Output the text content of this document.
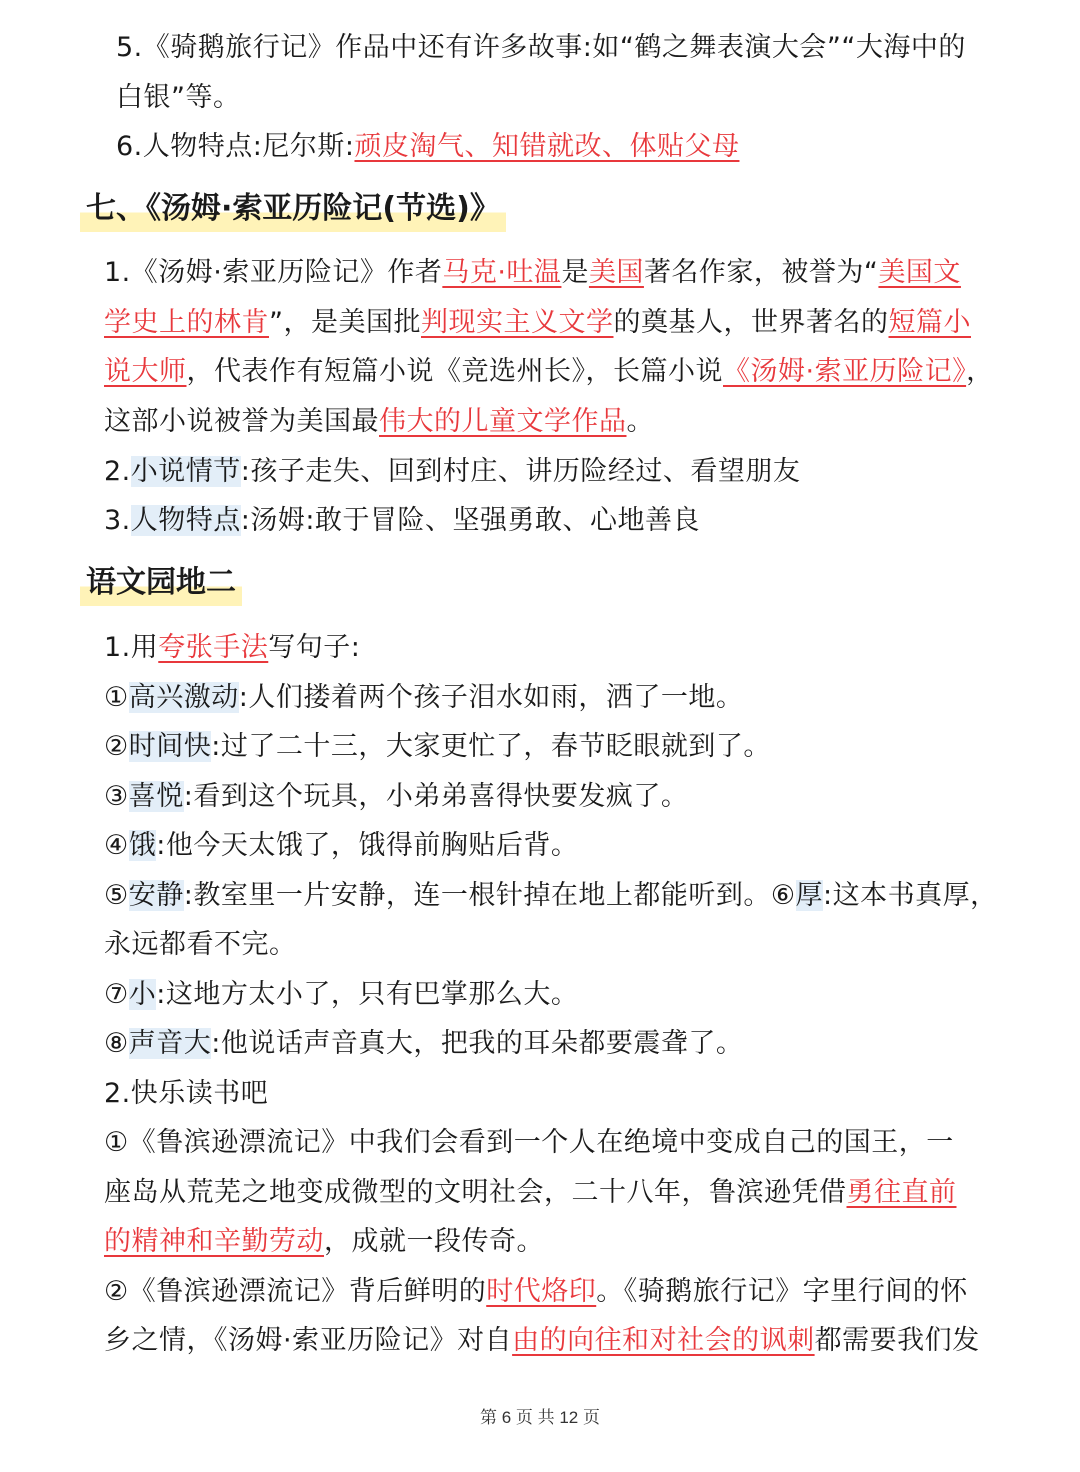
5.《骑鹅旅行记》作品中还有许多故事:如“鹤之舞表演大会”“大海中的
白银”等。
6.人物特点:尼尔斯:顽皮淘气、知错就改、体贴父母
七、《汤姆·索亚历险记(节选)》
1.《汤姆·索亚历险记》作者马克·吐温是美国著名作家，被誉为“美国文
学史上的林肯”，是美国批判现实主义文学的奠基人，世界著名的短篇小
说大师，代表作有短篇小说《竞选州长》，长篇小说《汤姆·索亚历险记》，
这部小说被誉为美国最伟大的儿童文学作品。
2.小说情节:孩子走失、回到村庄、讲历险经过、看望朋友
3.人物特点:汤姆:敢于冒险、坚强勇敢、心地善良
语文园地二
1.用夸张手法写句子:
①高兴激动:人们搂着两个孩子泪水如雨，洒了一地。
②时间快:过了二十三，大家更忙了，春节眨眼就到了。
③喜悦:看到这个玩具，小弟弟喜得快要发疯了。
④饿:他今天太饿了，饿得前胸贴后背。
⑤安静:教室里一片安静，连一根针掉在地上都能听到。⑥厚:这本书真厚，
永远都看不完。
⑦小:这地方太小了，只有巴掌那么大。
⑧声音大:他说话声音真大，把我的耳朵都要震聋了。
2.快乐读书吧
①《鲁滨逊漂流记》中我们会看到一个人在绝境中变成自己的国王，一
座岛从荒芜之地变成微型的文明社会，二十八年，鲁滨逊凭借勇往直前
的精神和辛勤劳动，成就一段传奇。
②《鲁滨逊漂流记》背后鲜明的时代烙印。《骑鹅旅行记》字里行间的怀
乡之情，《汤姆·索亚历险记》对自由的向往和对社会的讽刺都需要我们发
第 6 页 共 12 页
